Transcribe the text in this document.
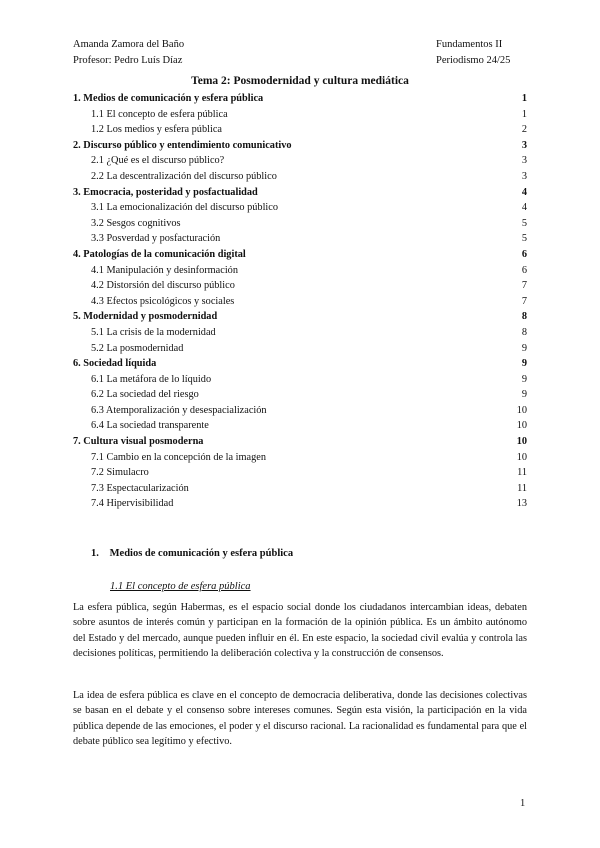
Amanda Zamora del Baño
Profesor: Pedro Luís Díaz
Fundamentos II
Periodismo 24/25
Tema 2: Posmodernidad y cultura mediática
1. Medios de comunicación y esfera pública	1
1.1 El concepto de esfera pública	1
1.2 Los medios y esfera pública	2
2. Discurso público y entendimiento comunicativo	3
2.1 ¿Qué es el discurso público?	3
2.2 La descentralización del discurso público	3
3. Emocracia, posteridad y posfactualidad	4
3.1 La emocionalización del discurso público	4
3.2 Sesgos cognitivos	5
3.3 Posverdad y posfacturación	5
4. Patologías de la comunicación digital	6
4.1 Manipulación y desinformación	6
4.2 Distorsión del discurso público	7
4.3 Efectos psicológicos y sociales	7
5. Modernidad y posmodernidad	8
5.1 La crisis de la modernidad	8
5.2 La posmodernidad	9
6. Sociedad líquida	9
6.1 La metáfora de lo líquido	9
6.2 La sociedad del riesgo	9
6.3 Atemporalización y desespacialización	10
6.4 La sociedad transparente	10
7. Cultura visual posmoderna	10
7.1 Cambio en la concepción de la imagen	10
7.2 Simulacro	11
7.3 Espectacularización	11
7.4 Hipervisibilidad	13
1. Medios de comunicación y esfera pública
1.1 El concepto de esfera pública

La esfera pública, según Habermas, es el espacio social donde los ciudadanos intercambian ideas, debaten sobre asuntos de interés común y participan en la formación de la opinión pública. Es un ámbito autónomo del Estado y del mercado, aunque pueden influir en él. En este espacio, la sociedad civil evalúa y controla las decisiones políticas, permitiendo la deliberación colectiva y la construcción de consensos.

La idea de esfera pública es clave en el concepto de democracia deliberativa, donde las decisiones colectivas se basan en el debate y el consenso sobre intereses comunes. Según esta visión, la participación en la vida pública depende de las emociones, el poder y el discurso racional. La racionalidad es fundamental para que el debate público sea legítimo y efectivo.

1
